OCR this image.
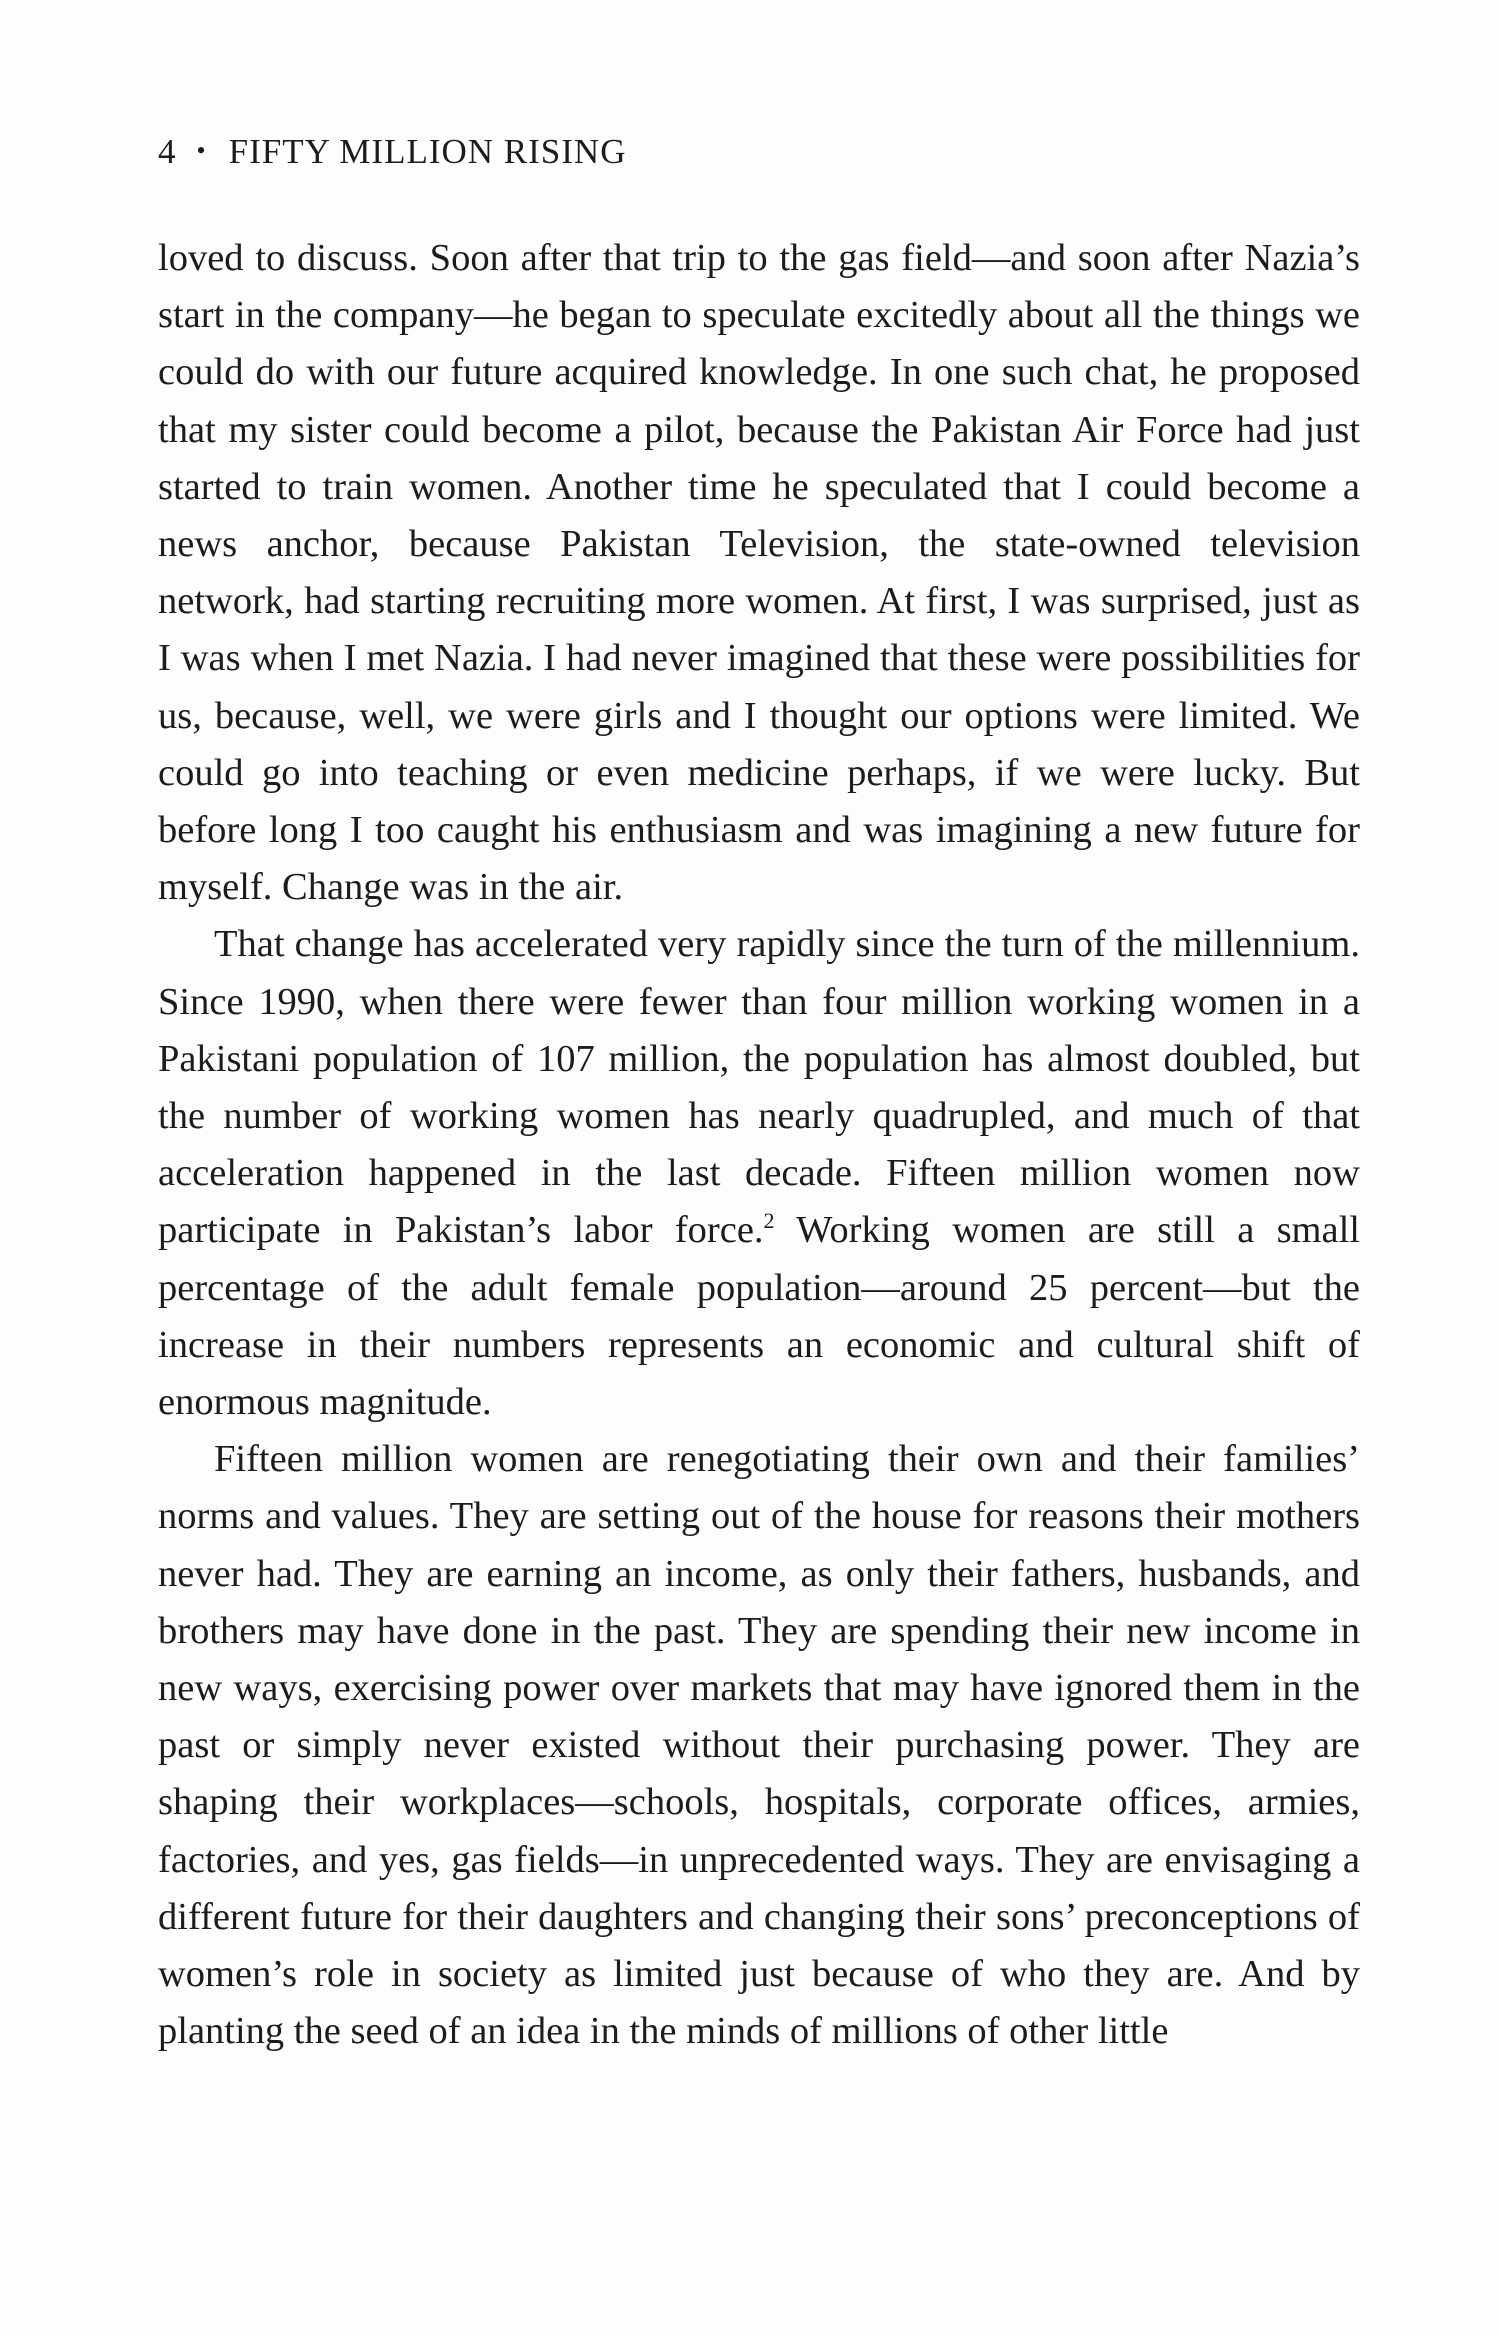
4 • FIFTY MILLION RISING

loved to discuss. Soon after that trip to the gas field—and soon after Nazia’s start in the company—he began to speculate excitedly about all the things we could do with our future acquired knowledge. In one such chat, he proposed that my sister could become a pilot, because the Pakistan Air Force had just started to train women. Another time he speculated that I could become a news anchor, because Pakistan Television, the state-owned television network, had starting recruiting more women. At first, I was surprised, just as I was when I met Nazia. I had never imagined that these were possibilities for us, because, well, we were girls and I thought our options were limited. We could go into teaching or even medicine perhaps, if we were lucky. But before long I too caught his enthusiasm and was imagining a new future for myself. Change was in the air.

That change has accelerated very rapidly since the turn of the millennium. Since 1990, when there were fewer than four million working women in a Pakistani population of 107 million, the population has almost doubled, but the number of working women has nearly quadrupled, and much of that acceleration happened in the last decade. Fifteen million women now participate in Pakistan’s labor force.$^2$ Working women are still a small percentage of the adult female population—around 25 percent—but the increase in their numbers represents an economic and cultural shift of enormous magnitude.

Fifteen million women are renegotiating their own and their families’ norms and values. They are setting out of the house for reasons their mothers never had. They are earning an income, as only their fathers, husbands, and brothers may have done in the past. They are spending their new income in new ways, exercising power over markets that may have ignored them in the past or simply never existed without their purchasing power. They are shaping their workplaces—schools, hospitals, corporate offices, armies, factories, and yes, gas fields—in unprecedented ways. They are envisaging a different future for their daughters and changing their sons’ preconceptions of women’s role in society as limited just because of who they are. And by planting the seed of an idea in the minds of millions of other little
